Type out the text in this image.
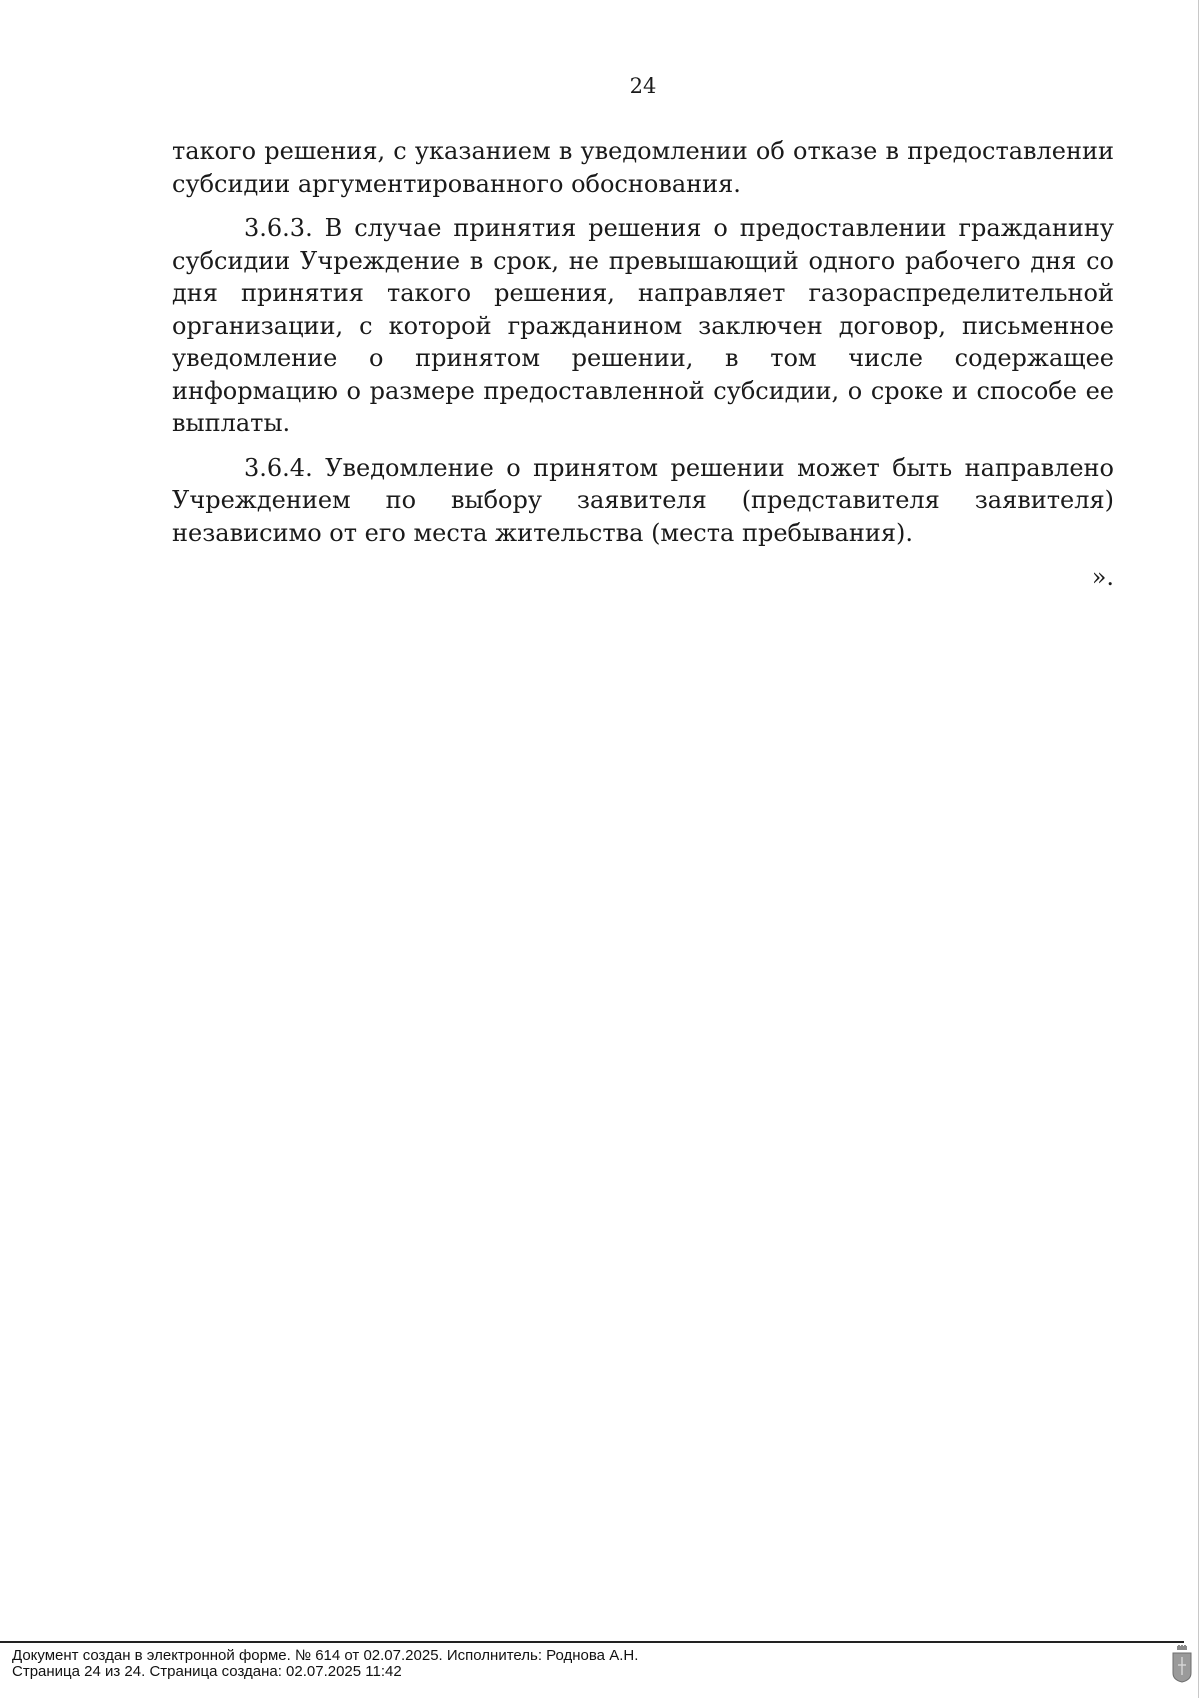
24

такого решения, с указанием в уведомлении об отказе в предоставлении субсидии аргументированного обоснования.

3.6.3. В случае принятия решения о предоставлении гражданину субсидии Учреждение в срок, не превышающий одного рабочего дня со дня принятия такого решения, направляет газораспределительной организации, с которой гражданином заключен договор, письменное уведомление о принятом решении, в том числе содержащее информацию о размере предоставленной субсидии, о сроке и способе ее выплаты.

3.6.4. Уведомление о принятом решении может быть направлено Учреждением по выбору заявителя (представителя заявителя) независимо от его места жительства (места пребывания).

».

Документ создан в электронной форме. № 614 от 02.07.2025. Исполнитель: Роднова А.Н.
Страница 24 из 24. Страница создана: 02.07.2025 11:42
